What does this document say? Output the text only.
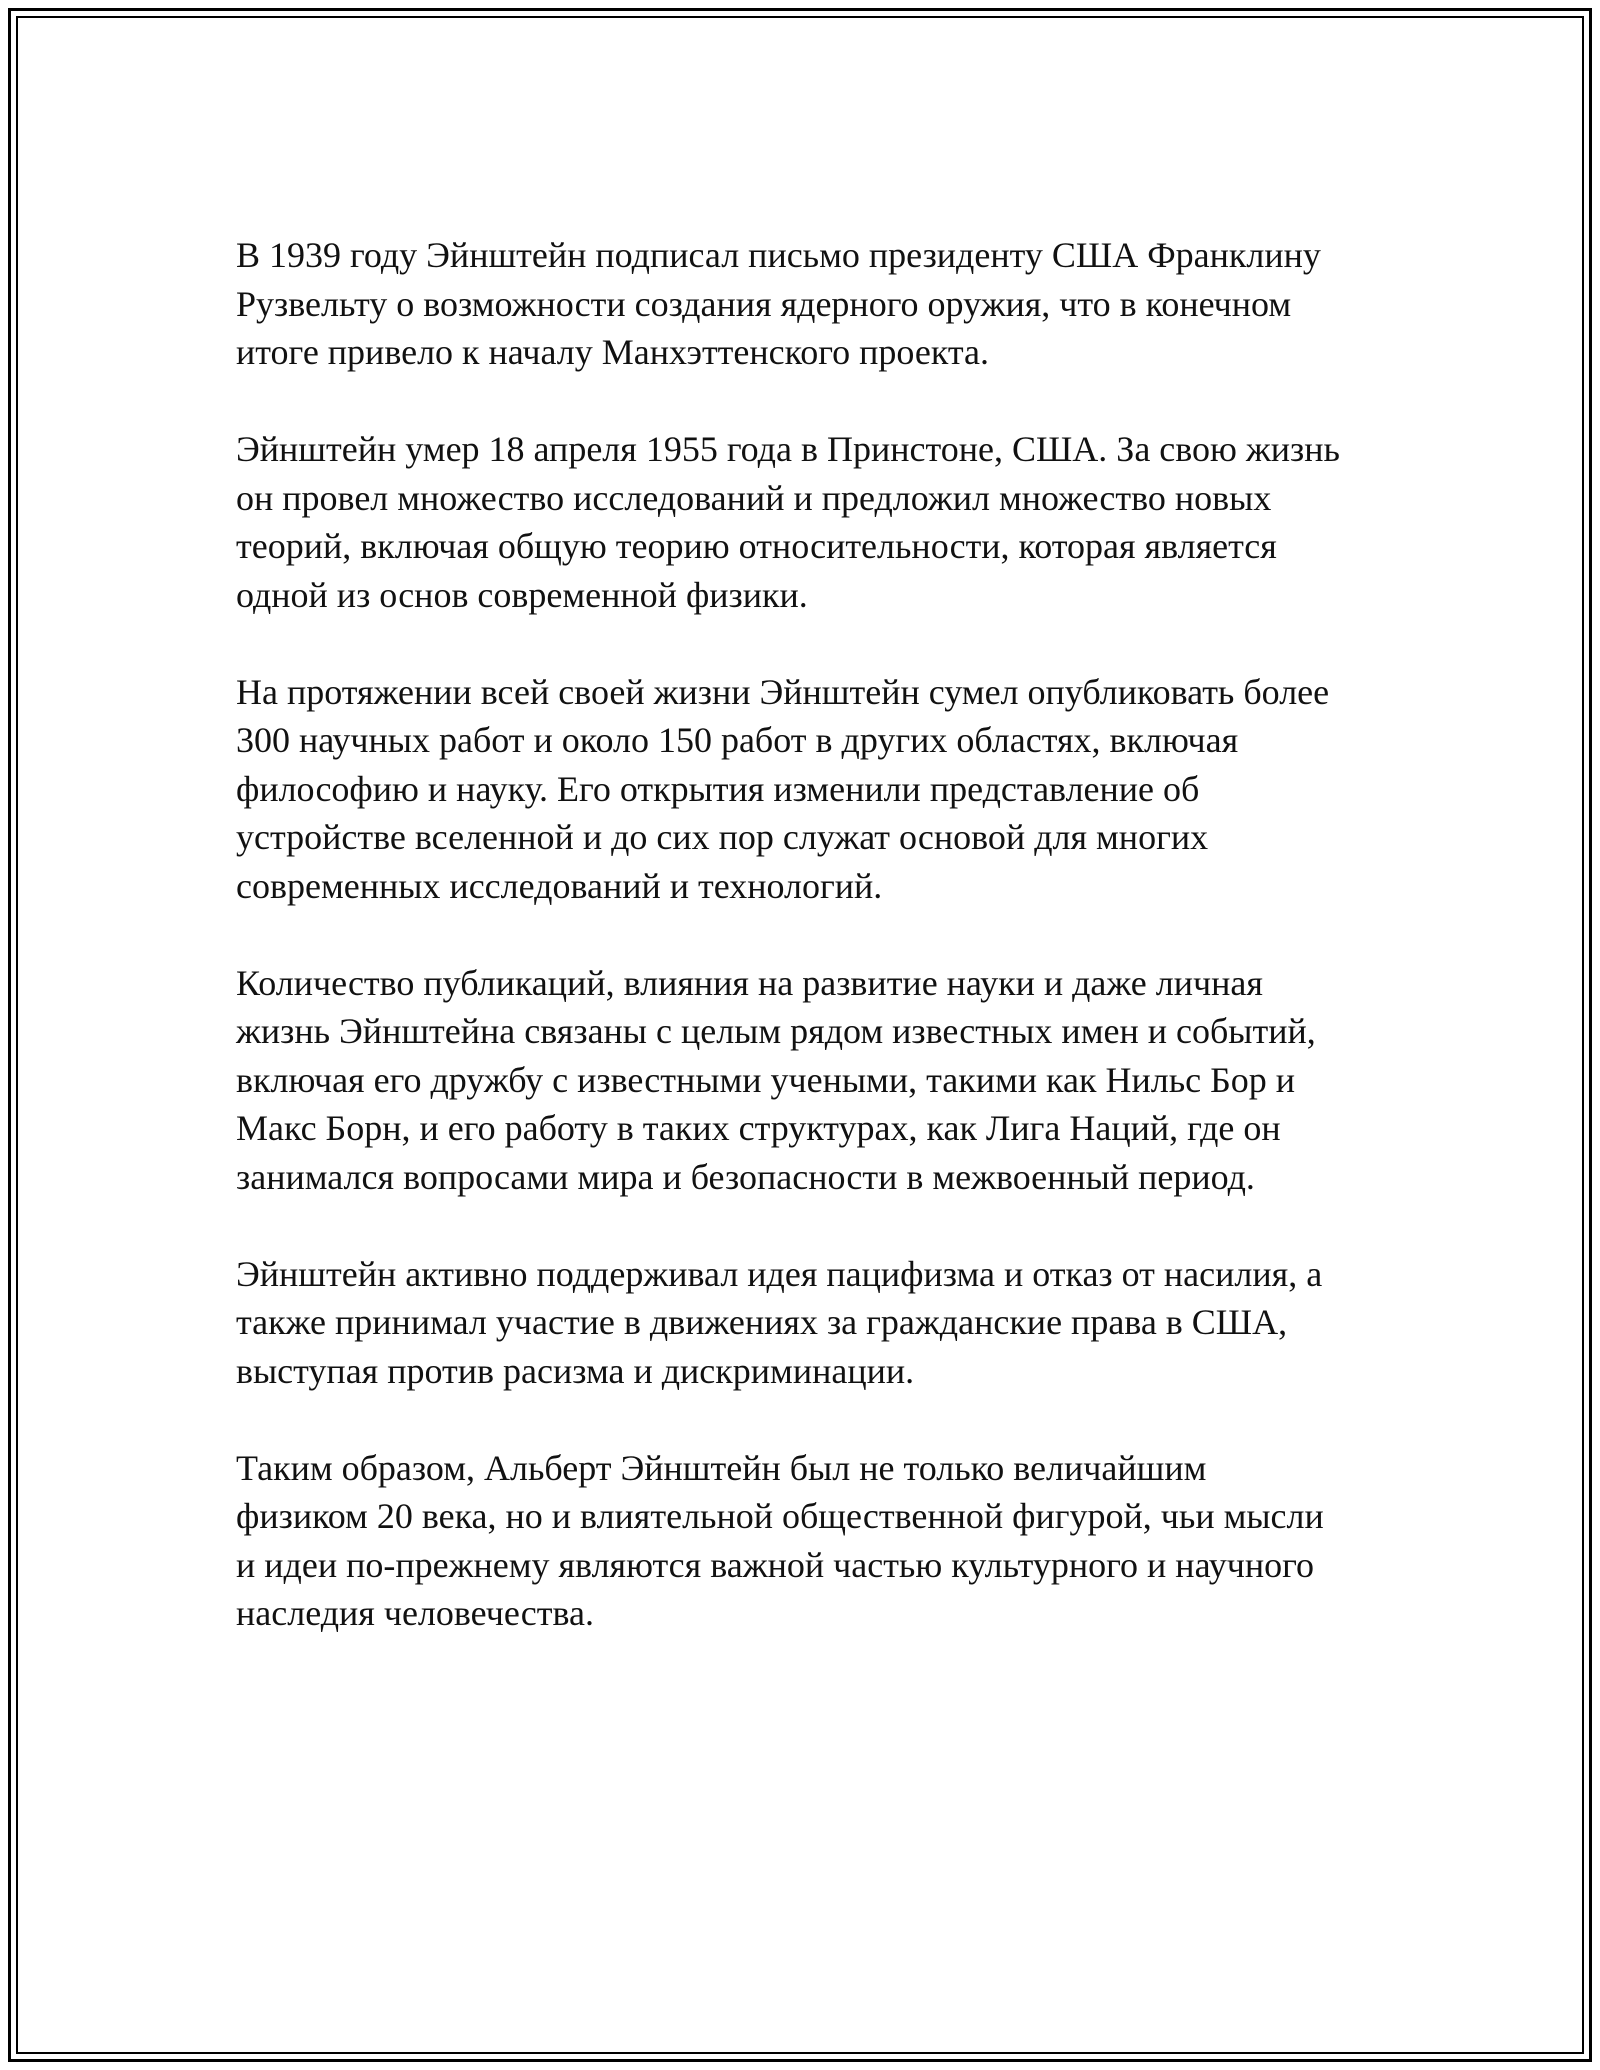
В 1939 году Эйнштейн подписал письмо президенту США Франклину
Рузвельту о возможности создания ядерного оружия, что в конечном
итоге привело к началу Манхэттенского проекта.

Эйнштейн умер 18 апреля 1955 года в Принстоне, США. За свою жизнь
он провел множество исследований и предложил множество новых
теорий, включая общую теорию относительности, которая является
одной из основ современной физики.

На протяжении всей своей жизни Эйнштейн сумел опубликовать более
300 научных работ и около 150 работ в других областях, включая
философию и науку. Его открытия изменили представление об
устройстве вселенной и до сих пор служат основой для многих
современных исследований и технологий.

Количество публикаций, влияния на развитие науки и даже личная
жизнь Эйнштейна связаны с целым рядом известных имен и событий,
включая его дружбу с известными учеными, такими как Нильс Бор и
Макс Борн, и его работу в таких структурах, как Лига Наций, где он
занимался вопросами мира и безопасности в межвоенный период.

Эйнштейн активно поддерживал идея пацифизма и отказ от насилия, а
также принимал участие в движениях за гражданские права в США,
выступая против расизма и дискриминации.

Таким образом, Альберт Эйнштейн был не только величайшим
физиком 20 века, но и влиятельной общественной фигурой, чьи мысли
и идеи по-прежнему являются важной частью культурного и научного
наследия человечества.
